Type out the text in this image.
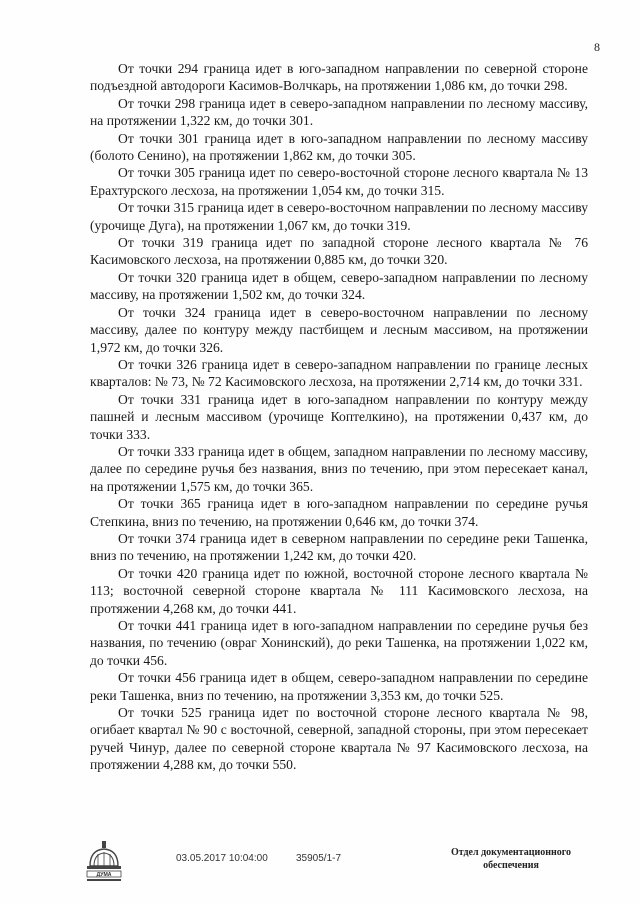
8

От точки 294 граница идет в юго-западном направлении по северной стороне подъездной автодороги Касимов-Волчкарь, на протяжении 1,086 км, до точки 298.

От точки 298 граница идет в северо-западном направлении по лесному массиву, на протяжении 1,322 км, до точки 301.

От точки 301 граница идет в юго-западном направлении по лесному массиву (болото Сенино), на протяжении 1,862 км, до точки 305.

От точки 305 граница идет по северо-восточной стороне лесного квартала № 13 Ерахтурского лесхоза, на протяжении 1,054 км, до точки 315.

От точки 315 граница идет в северо-восточном направлении по лесному массиву (урочище Дуга), на протяжении 1,067 км, до точки 319.

От точки 319 граница идет по западной стороне лесного квартала № 76 Касимовского лесхоза, на протяжении 0,885 км, до точки 320.

От точки 320 граница идет в общем, северо-западном направлении по лесному массиву, на протяжении 1,502 км, до точки 324.

От точки 324 граница идет в северо-восточном направлении по лесному массиву, далее по контуру между пастбищем и лесным массивом, на протяжении 1,972 км, до точки 326.

От точки 326 граница идет в северо-западном направлении по границе лесных кварталов: № 73, № 72 Касимовского лесхоза, на протяжении 2,714 км, до точки 331.

От точки 331 граница идет в юго-западном направлении по контуру между пашней и лесным массивом (урочище Коптелкино), на протяжении 0,437 км, до точки 333.

От точки 333 граница идет в общем, западном направлении по лесному массиву, далее по середине ручья без названия, вниз по течению, при этом пересекает канал, на протяжении 1,575 км, до точки 365.

От точки 365 граница идет в юго-западном направлении по середине ручья Степкина, вниз по течению, на протяжении 0,646 км, до точки 374.

От точки 374 граница идет в северном направлении по середине реки Ташенка, вниз по течению, на протяжении 1,242 км, до точки 420.

От точки 420 граница идет по южной, восточной стороне лесного квартала № 113; восточной северной стороне квартала № 111 Касимовского лесхоза, на протяжении 4,268 км, до точки 441.

От точки 441 граница идет в юго-западном направлении по середине ручья без названия, по течению (овраг Хонинский), до реки Ташенка, на протяжении 1,022 км, до точки 456.

От точки 456 граница идет в общем, северо-западном направлении по середине реки Ташенка, вниз по течению, на протяжении 3,353 км, до точки 525.

От точки 525 граница идет по восточной стороне лесного квартала № 98, огибает квартал № 90 с восточной, северной, западной стороны, при этом пересекает ручей Чинур, далее по северной стороне квартала № 97 Касимовского лесхоза, на протяжении 4,288 км, до точки 550.

ДУМА
03.05.2017 10:04:00	35905/1-7
Отдел документационного
обеспечения
